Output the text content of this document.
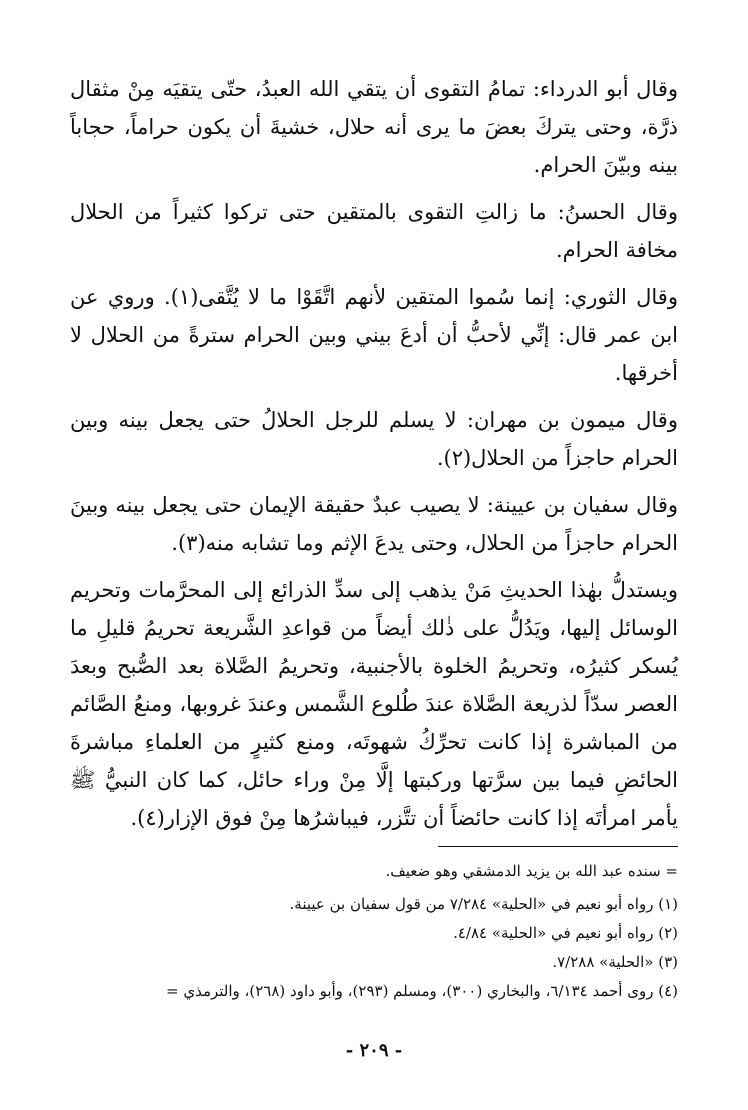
وقال أبو الدرداء: تمامُ التقوى أن يتقي الله العبدُ، حتّى يتقيَه مِنْ مثقال ذرَّة، وحتى يتركَ بعضَ ما يرى أنه حلال، خشيةَ أن يكون حراماً، حجاباً بينه وبيّنَ الحرام.

وقال الحسنُ: ما زالتِ التقوى بالمتقين حتى تركوا كثيراً من الحلال مخافة الحرام.

وقال الثوري: إنما سُموا المتقين لأنهم اتَّقَوْا ما لا يُتَّقى(١). وروي عن ابن عمر قال: إنِّي لأحبُّ أن أدعَ بيني وبين الحرام سترةً من الحلال لا أخرقها.

وقال ميمون بن مهران: لا يسلم للرجل الحلالُ حتى يجعل بينه وبين الحرام حاجزاً من الحلال(٢).

وقال سفيان بن عيينة: لا يصيب عبدٌ حقيقة الإيمان حتى يجعل بينه وبينَ الحرام حاجزاً من الحلال، وحتى يدعَ الإثم وما تشابه منه(٣).

ويستدلُّ بهٰذا الحديثِ مَنْ يذهب إلى سدِّ الذرائع إلى المحرَّمات وتحريم الوسائل إليها، ويَدُلُّ على ذٰلك أيضاً من قواعدِ الشَّريعة تحريمُ قليلِ ما يُسكر كثيرُه، وتحريمُ الخلوة بالأجنبية، وتحريمُ الصَّلاة بعد الصُّبح وبعدَ العصر سدّاً لذريعة الصَّلاة عندَ طُلوع الشَّمس وعندَ غروبها، ومنعُ الصَّائم من المباشرة إذا كانت تحرِّكُ شهوتَه، ومنع كثيرٍ من العلماءِ مباشرةَ الحائضِ فيما بين سرَّتها وركبتها إلَّا مِنْ وراء حائل، كما كان النبيُّ ﷺ يأمر امرأتَه إذا كانت حائضاً أن تتَّزر، فيباشرُها مِنْ فوق الإزار(٤).

= سنده عبد الله بن يزيد الدمشقي وهو ضعيف.

(١) رواه أبو نعيم في «الحلية» ٧/٢٨٤ من قول سفيان بن عيينة.

(٢) رواه أبو نعيم في «الحلية» ٤/٨٤.

(٣) «الحلية» ٧/٢٨٨.

(٤) روى أحمد ٦/١٣٤، والبخاري (٣٠٠)، ومسلم (٢٩٣)، وأبو داود (٢٦٨)، والترمذي =

- ٢٠٩ -
